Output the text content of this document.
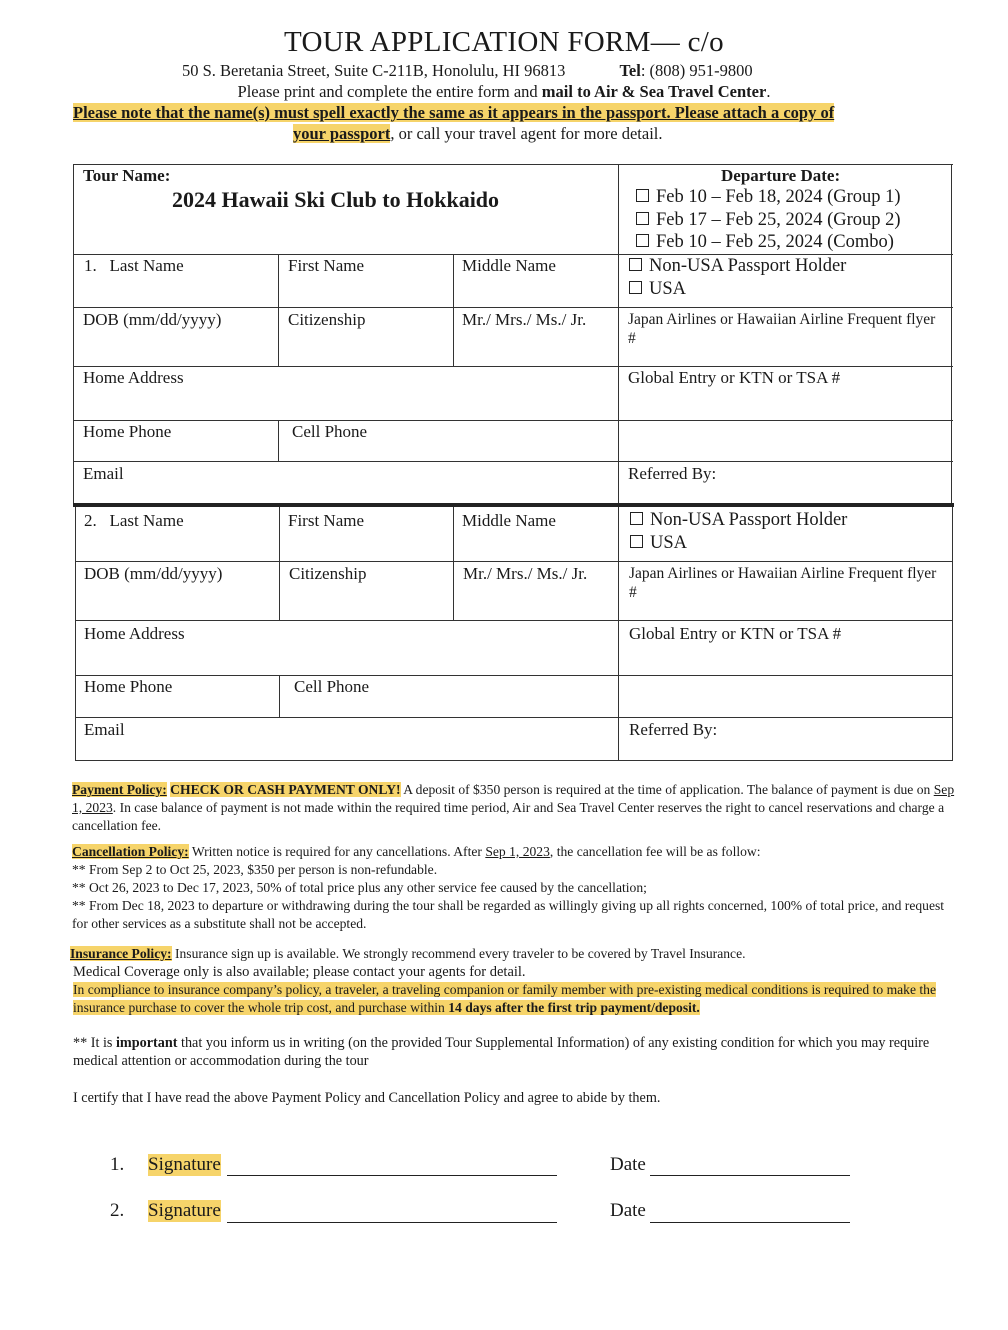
TOUR APPLICATION FORM— c/o
50 S. Beretania Street, Suite C-211B, Honolulu, HI 96813	Tel: (808) 951-9800
Please print and complete the entire form and mail to Air & Sea Travel Center.
Please note that the name(s) must spell exactly the same as it appears in the passport. Please attach a copy of
your passport, or call your travel agent for more detail.
Tour Name:
2024 Hawaii Ski Club to Hokkaido
Departure Date:
Feb 10 – Feb 18, 2024 (Group 1)
Feb 17 – Feb 25, 2024 (Group 2)
Feb 10 – Feb 25, 2024 (Combo)
1. Last Name	First Name	Middle Name	Non-USA Passport Holder
USA
DOB (mm/dd/yyyy)	Citizenship	Mr./ Mrs./ Ms./ Jr.	Japan Airlines or Hawaiian Airline Frequent flyer #
Home Address	Global Entry or KTN or TSA #
Home Phone	Cell Phone
Email	Referred By:
2. Last Name	First Name	Middle Name	Non-USA Passport Holder
USA
DOB (mm/dd/yyyy)	Citizenship	Mr./ Mrs./ Ms./ Jr.	Japan Airlines or Hawaiian Airline Frequent flyer #
Home Address	Global Entry or KTN or TSA #
Home Phone	Cell Phone
Email	Referred By:
Payment Policy: CHECK OR CASH PAYMENT ONLY! A deposit of $350 person is required at the time of application. The balance of payment is due on Sep 1, 2023. In case balance of payment is not made within the required time period, Air and Sea Travel Center reserves the right to cancel reservations and charge a cancellation fee.
Cancellation Policy: Written notice is required for any cancellations. After Sep 1, 2023, the cancellation fee will be as follow:
** From Sep 2 to Oct 25, 2023, $350 per person is non-refundable.
** Oct 26, 2023 to Dec 17, 2023, 50% of total price plus any other service fee caused by the cancellation;
** From Dec 18, 2023 to departure or withdrawing during the tour shall be regarded as willingly giving up all rights concerned, 100% of total price, and request for other services as a substitute shall not be accepted.
Insurance Policy: Insurance sign up is available. We strongly recommend every traveler to be covered by Travel Insurance.
Medical Coverage only is also available; please contact your agents for detail.
In compliance to insurance company’s policy, a traveler, a traveling companion or family member with pre-existing medical conditions is required to make the insurance purchase to cover the whole trip cost, and purchase within 14 days after the first trip payment/deposit.
** It is important that you inform us in writing (on the provided Tour Supplemental Information) of any existing condition for which you may require medical attention or accommodation during the tour
I certify that I have read the above Payment Policy and Cancellation Policy and agree to abide by them.
1. Signature	Date
2. Signature	Date
